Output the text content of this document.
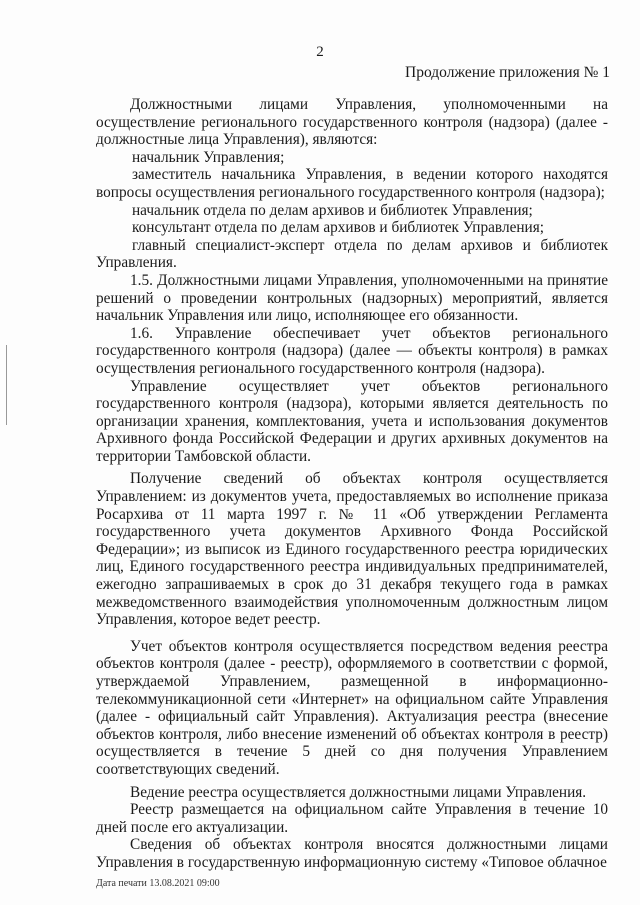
2
Продолжение приложения № 1

Должностными лицами Управления, уполномоченными на осуществление регионального государственного контроля (надзора) (далее - должностные лица Управления), являются:

начальник Управления;

заместитель начальника Управления, в ведении которого находятся вопросы осуществления регионального государственного контроля (надзора);

начальник отдела по делам архивов и библиотек Управления;

консультант отдела по делам архивов и библиотек Управления;

главный специалист-эксперт отдела по делам архивов и библиотек Управления.

1.5. Должностными лицами Управления, уполномоченными на принятие решений о проведении контрольных (надзорных) мероприятий, является начальник Управления или лицо, исполняющее его обязанности.

1.6. Управление обеспечивает учет объектов регионального государственного контроля (надзора) (далее — объекты контроля) в рамках осуществления регионального государственного контроля (надзора).

Управление осуществляет учет объектов регионального государственного контроля (надзора), которыми является деятельность по организации хранения, комплектования, учета и использования документов Архивного фонда Российской Федерации и других архивных документов на территории Тамбовской области.

Получение сведений об объектах контроля осуществляется Управлением: из документов учета, предоставляемых во исполнение приказа Росархива от 11 марта 1997 г. № 11 «Об утверждении Регламента государственного учета документов Архивного Фонда Российской Федерации»; из выписок из Единого государственного реестра юридических лиц, Единого государственного реестра индивидуальных предпринимателей, ежегодно запрашиваемых в срок до 31 декабря текущего года в рамках межведомственного взаимодействия уполномоченным должностным лицом Управления, которое ведет реестр.

Учет объектов контроля осуществляется посредством ведения реестра объектов контроля (далее - реестр), оформляемого в соответствии с формой, утверждаемой Управлением, размещенной в информационно-телекоммуникационной сети «Интернет» на официальном сайте Управления (далее - официальный сайт Управления). Актуализация реестра (внесение объектов контроля, либо внесение изменений об объектах контроля в реестр) осуществляется в течение 5 дней со дня получения Управлением соответствующих сведений.

Ведение реестра осуществляется должностными лицами Управления.

Реестр размещается на официальном сайте Управления в течение 10 дней после его актуализации.

Сведения об объектах контроля вносятся должностными лицами Управления в государственную информационную систему «Типовое облачное

Дата печати 13.08.2021 09:00
